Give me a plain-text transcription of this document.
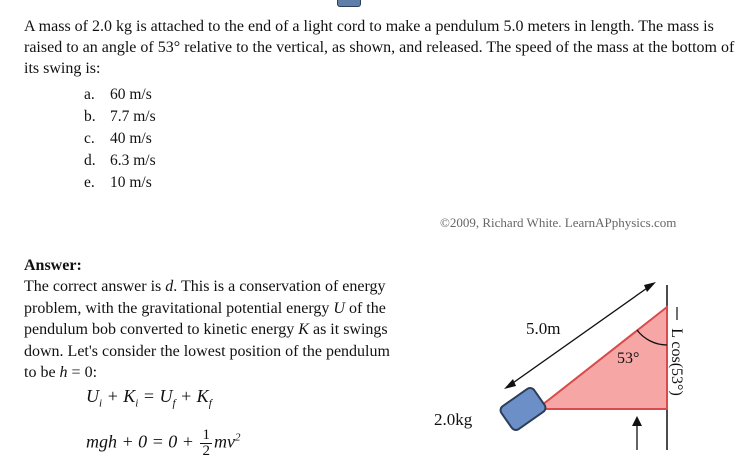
A mass of 2.0 kg is attached to the end of a light cord to make a pendulum 5.0 meters in length. The mass is raised to an angle of 53° relative to the vertical, as shown, and released. The speed of the mass at the bottom of its swing is:
a. 60 m/s
b. 7.7 m/s
c. 40 m/s
d. 6.3 m/s
e. 10 m/s
©2009, Richard White. LearnAPphysics.com
Answer:
The correct answer is d. This is a conservation of energy problem, with the gravitational potential energy U of the pendulum bob converted to kinetic energy K as it swings down. Let's consider the lowest position of the pendulum to be h = 0:
$U_i + K_i = U_f + K_f$
mgh + $0 = 0 + \frac{1}{2} mv^2$
5.0m
53°
2.0kg
L cos(53°)
